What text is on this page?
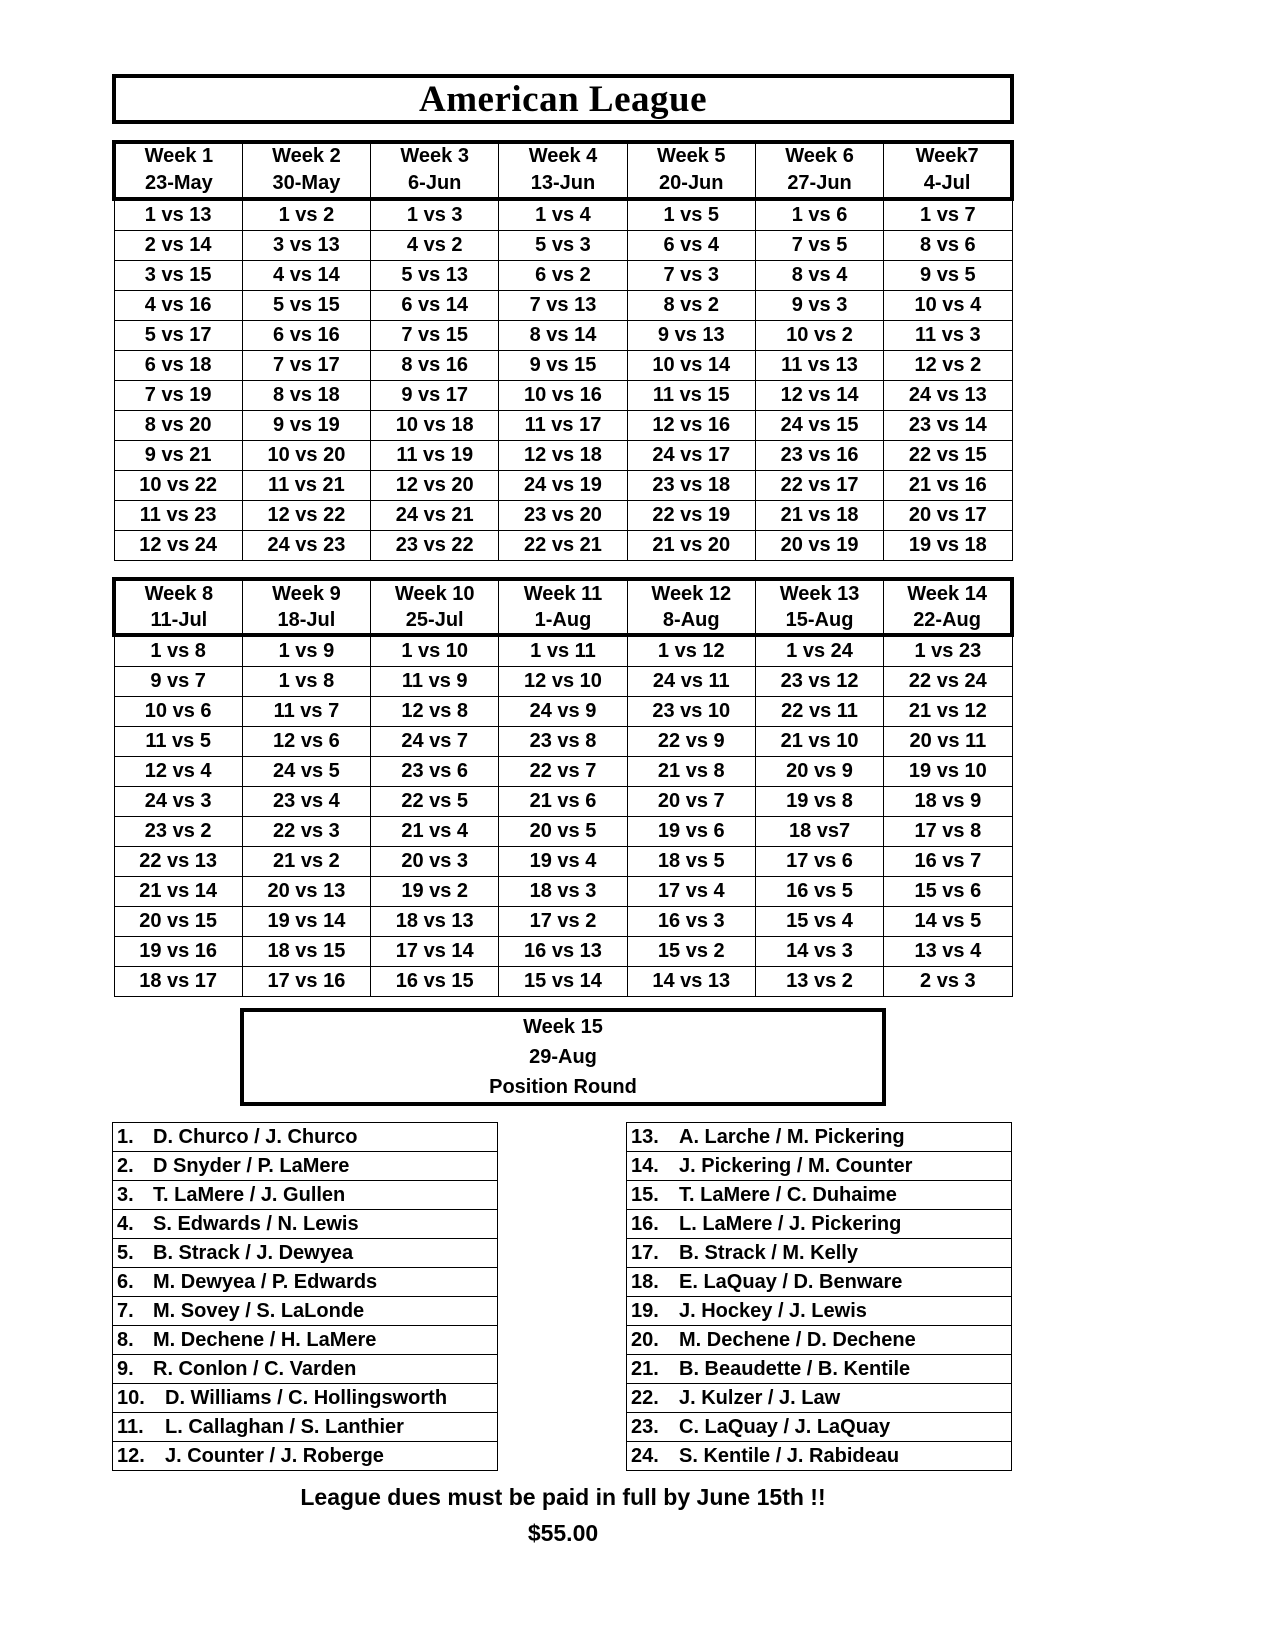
American League
Week 1	Week 2	Week 3	Week 4	Week 5	Week 6	Week7
23-May	30-May	6-Jun	13-Jun	20-Jun	27-Jun	4-Jul
1 vs 13	1 vs 2	1 vs 3	1 vs 4	1 vs 5	1 vs 6	1 vs 7
2 vs 14	3 vs 13	4 vs 2	5 vs 3	6 vs 4	7 vs 5	8 vs 6
3 vs 15	4 vs 14	5 vs 13	6 vs 2	7 vs 3	8 vs 4	9 vs 5
4 vs 16	5 vs 15	6 vs 14	7 vs 13	8 vs 2	9 vs 3	10 vs 4
5 vs 17	6 vs 16	7 vs 15	8 vs 14	9 vs 13	10 vs 2	11 vs 3
6 vs 18	7 vs 17	8 vs 16	9 vs 15	10 vs 14	11 vs 13	12 vs 2
7 vs 19	8 vs 18	9 vs 17	10 vs 16	11 vs 15	12 vs 14	24 vs 13
8 vs 20	9 vs 19	10 vs 18	11 vs 17	12 vs 16	24 vs 15	23 vs 14
9 vs 21	10 vs 20	11 vs 19	12 vs 18	24 vs 17	23 vs 16	22 vs 15
10 vs 22	11 vs 21	12 vs 20	24 vs 19	23 vs 18	22 vs 17	21 vs 16
11 vs 23	12 vs 22	24 vs 21	23 vs 20	22 vs 19	21 vs 18	20 vs 17
12 vs 24	24 vs 23	23 vs 22	22 vs 21	21 vs 20	20 vs 19	19 vs 18
Week 8	Week 9	Week 10	Week 11	Week 12	Week 13	Week 14
11-Jul	18-Jul	25-Jul	1-Aug	8-Aug	15-Aug	22-Aug
1 vs 8	1 vs 9	1 vs 10	1 vs 11	1 vs 12	1 vs 24	1 vs 23
9 vs 7	1 vs 8	11 vs 9	12 vs 10	24 vs 11	23 vs 12	22 vs 24
10 vs 6	11 vs 7	12 vs 8	24 vs 9	23 vs 10	22 vs 11	21 vs 12
11 vs 5	12 vs 6	24 vs 7	23 vs 8	22 vs 9	21 vs 10	20 vs 11
12 vs 4	24 vs 5	23 vs 6	22 vs 7	21 vs 8	20 vs 9	19 vs 10
24 vs 3	23 vs 4	22 vs 5	21 vs 6	20 vs 7	19 vs 8	18 vs 9
23 vs 2	22 vs 3	21 vs 4	20 vs 5	19 vs 6	18 vs7	17 vs 8
22 vs 13	21 vs 2	20 vs 3	19 vs 4	18 vs 5	17 vs 6	16 vs 7
21 vs 14	20 vs 13	19 vs 2	18 vs 3	17 vs 4	16 vs 5	15 vs 6
20 vs 15	19 vs 14	18 vs 13	17 vs 2	16 vs 3	15 vs 4	14 vs 5
19 vs 16	18 vs 15	17 vs 14	16 vs 13	15 vs 2	14 vs 3	13 vs 4
18 vs 17	17 vs 16	16 vs 15	15 vs 14	14 vs 13	13 vs 2	2 vs 3
Week 15
29-Aug
Position Round
1. D. Churco / J. Churco
2. D Snyder / P. LaMere
3. T. LaMere / J. Gullen
4. S. Edwards / N. Lewis
5. B. Strack / J. Dewyea
6. M. Dewyea / P. Edwards
7. M. Sovey / S. LaLonde
8. M. Dechene / H. LaMere
9. R. Conlon / C. Varden
10. D. Williams / C. Hollingsworth
11. L. Callaghan / S. Lanthier
12. J. Counter / J. Roberge
13. A. Larche / M. Pickering
14. J. Pickering / M. Counter
15. T. LaMere / C. Duhaime
16. L. LaMere / J. Pickering
17. B. Strack / M. Kelly
18. E. LaQuay / D. Benware
19. J. Hockey / J. Lewis
20. M. Dechene / D. Dechene
21. B. Beaudette / B. Kentile
22. J. Kulzer / J. Law
23. C. LaQuay / J. LaQuay
24. S. Kentile / J. Rabideau
League dues must be paid in full by June 15th !!
$55.00
